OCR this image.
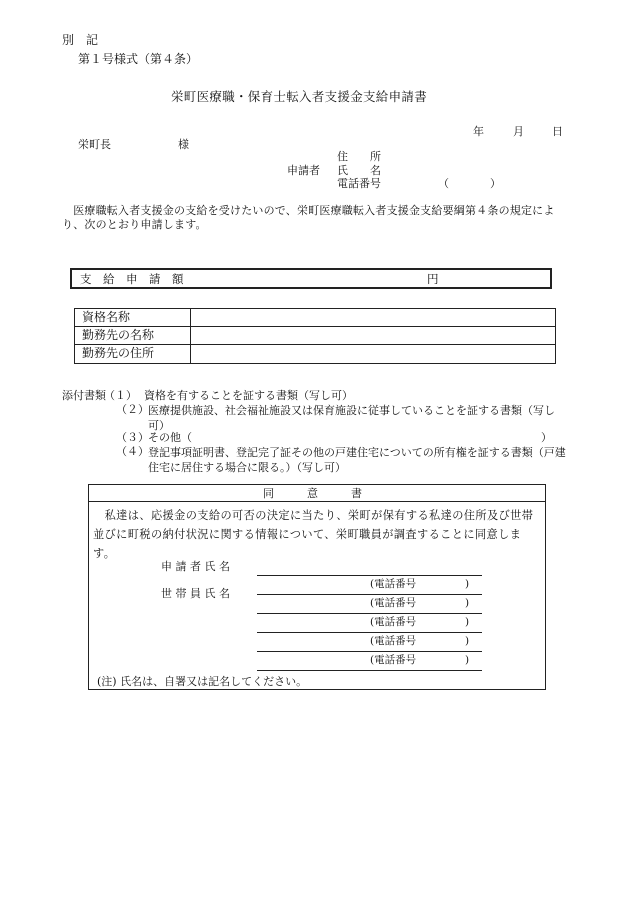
別　記
第１号様式（第４条）
栄町医療職・保育士転入者支援金支給申請書
年	月	日
栄町長	様
住　　所
申請者 氏　　名
電話番号	（　　　）
　医療職転入者支援金の支給を受けたいので、栄町医療職転入者支援金支給要綱第４条の規定により、次のとおり申請します。
支　給　申　請　額	円
資格名称
勤務先の名称
勤務先の住所
添付書類
（１） 資格を有することを証する書類（写し可）
（２） 医療提供施設、社会福祉施設又は保育施設に従事していることを証する書類（写し可）
（３） その他（	）
（４） 登記事項証明書、登記完了証その他の戸建住宅についての所有権を証する書類（戸建住宅に居住する場合に限る。）（写し可）
同　　　意　　　書
　私達は、応援金の支給の可否の決定に当たり、栄町が保有する私達の住所及び世帯並びに町税の納付状況に関する情報について、栄町職員が調査することに同意します。
申 請 者 氏 名
世 帯 員 氏 名
(電話番号	)
(電話番号	)
(電話番号	)
(電話番号	)
(電話番号	)
(注) 氏名は、自署又は記名してください。
